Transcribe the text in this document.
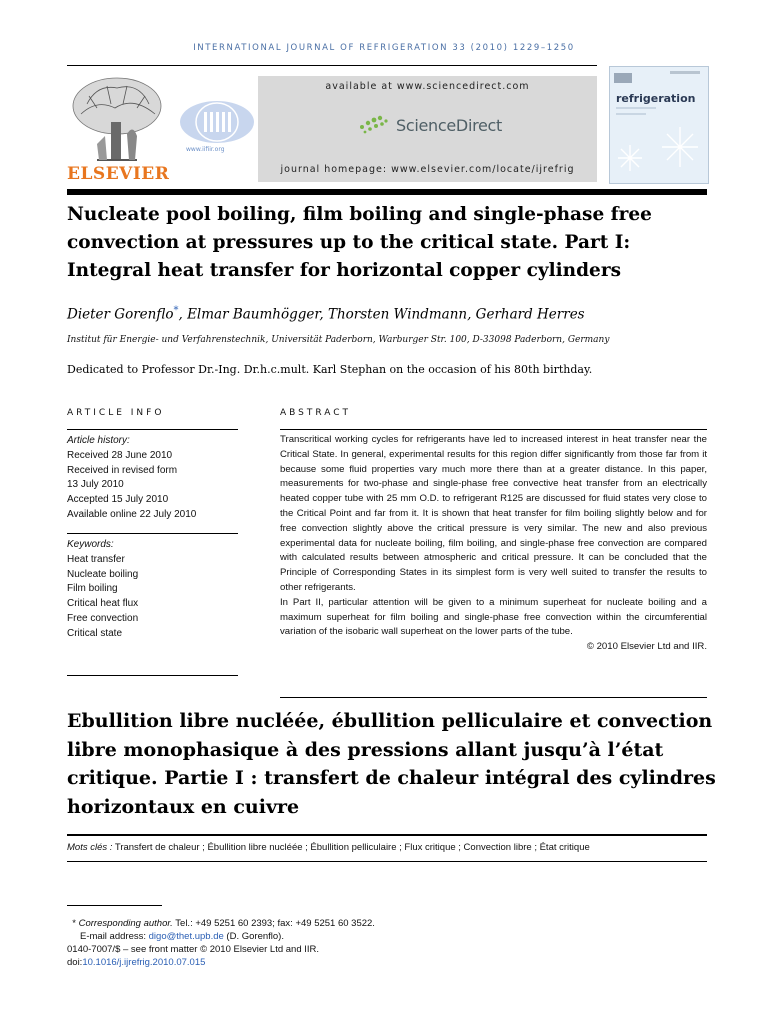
INTERNATIONAL JOURNAL OF REFRIGERATION 33 (2010) 1229–1250
ELSEVIER
www.iifiir.org
available at www.sciencedirect.com
ScienceDirect
journal homepage: www.elsevier.com/locate/ijrefrig
refrigeration
Nucleate pool boiling, film boiling and single-phase free convection at pressures up to the critical state. Part I: Integral heat transfer for horizontal copper cylinders
Dieter Gorenflo*, Elmar Baumhögger, Thorsten Windmann, Gerhard Herres
Institut für Energie- und Verfahrenstechnik, Universität Paderborn, Warburger Str. 100, D-33098 Paderborn, Germany
Dedicated to Professor Dr.-Ing. Dr.h.c.mult. Karl Stephan on the occasion of his 80th birthday.
ARTICLE INFO
Article history:
Received 28 June 2010
Received in revised form
13 July 2010
Accepted 15 July 2010
Available online 22 July 2010
Keywords:
Heat transfer
Nucleate boiling
Film boiling
Critical heat flux
Free convection
Critical state
ABSTRACT

Transcritical working cycles for refrigerants have led to increased interest in heat transfer near the Critical State. In general, experimental results for this region differ significantly from those far from it because some fluid properties vary much more there than at a greater distance. In this paper, measurements for two-phase and single-phase free convective heat transfer from an electrically heated copper tube with 25 mm O.D. to refrigerant R125 are discussed for fluid states very close to the Critical Point and far from it. It is shown that heat transfer for film boiling slightly below and for free convection slightly above the critical pressure is very similar. The new and also previous experimental data for nucleate boiling, film boiling, and single-phase free convection are compared with calculated results between atmospheric and critical pressure. It can be concluded that the Principle of Corresponding States in its simplest form is very well suited to transfer the results to other refrigerants.

In Part II, particular attention will be given to a minimum superheat for nucleate boiling and a maximum superheat for film boiling and single-phase free convection within the circumferential variation of the isobaric wall superheat on the lower parts of the tube.

© 2010 Elsevier Ltd and IIR.

Ebullition libre nucléée, ébullition pelliculaire et convection libre monophasique à des pressions allant jusqu’à l’état critique. Partie I : transfert de chaleur intégral des cylindres horizontaux en cuivre
Mots clés : Transfert de chaleur ; Ébullition libre nucléée ; Ébullition pelliculaire ; Flux critique ; Convection libre ; État critique
* Corresponding author. Tel.: +49 5251 60 2393; fax: +49 5251 60 3522.
E-mail address: digo@thet.upb.de (D. Gorenflo).
0140-7007/$ – see front matter © 2010 Elsevier Ltd and IIR.
doi:10.1016/j.ijrefrig.2010.07.015
